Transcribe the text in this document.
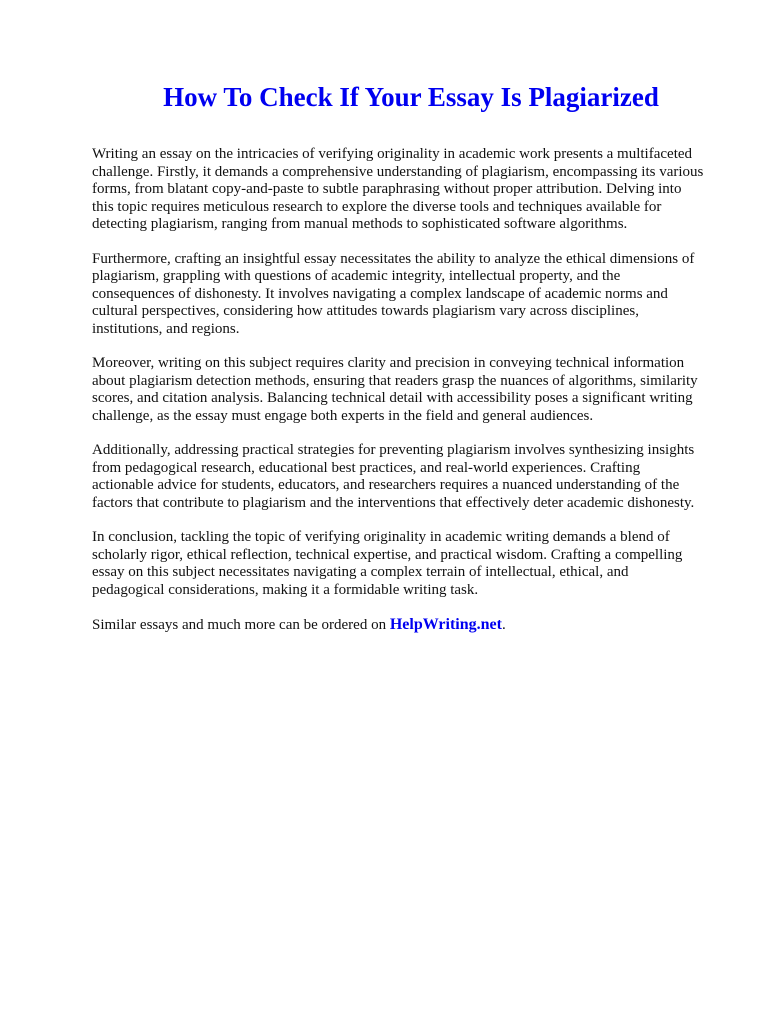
How To Check If Your Essay Is Plagiarized

Writing an essay on the intricacies of verifying originality in academic work presents a multifaceted
challenge. Firstly, it demands a comprehensive understanding of plagiarism, encompassing its various
forms, from blatant copy-and-paste to subtle paraphrasing without proper attribution. Delving into
this topic requires meticulous research to explore the diverse tools and techniques available for
detecting plagiarism, ranging from manual methods to sophisticated software algorithms.

Furthermore, crafting an insightful essay necessitates the ability to analyze the ethical dimensions of
plagiarism, grappling with questions of academic integrity, intellectual property, and the
consequences of dishonesty. It involves navigating a complex landscape of academic norms and
cultural perspectives, considering how attitudes towards plagiarism vary across disciplines,
institutions, and regions.

Moreover, writing on this subject requires clarity and precision in conveying technical information
about plagiarism detection methods, ensuring that readers grasp the nuances of algorithms, similarity
scores, and citation analysis. Balancing technical detail with accessibility poses a significant writing
challenge, as the essay must engage both experts in the field and general audiences.

Additionally, addressing practical strategies for preventing plagiarism involves synthesizing insights
from pedagogical research, educational best practices, and real-world experiences. Crafting
actionable advice for students, educators, and researchers requires a nuanced understanding of the
factors that contribute to plagiarism and the interventions that effectively deter academic dishonesty.

In conclusion, tackling the topic of verifying originality in academic writing demands a blend of
scholarly rigor, ethical reflection, technical expertise, and practical wisdom. Crafting a compelling
essay on this subject necessitates navigating a complex terrain of intellectual, ethical, and
pedagogical considerations, making it a formidable writing task.

Similar essays and much more can be ordered on HelpWriting.net.
